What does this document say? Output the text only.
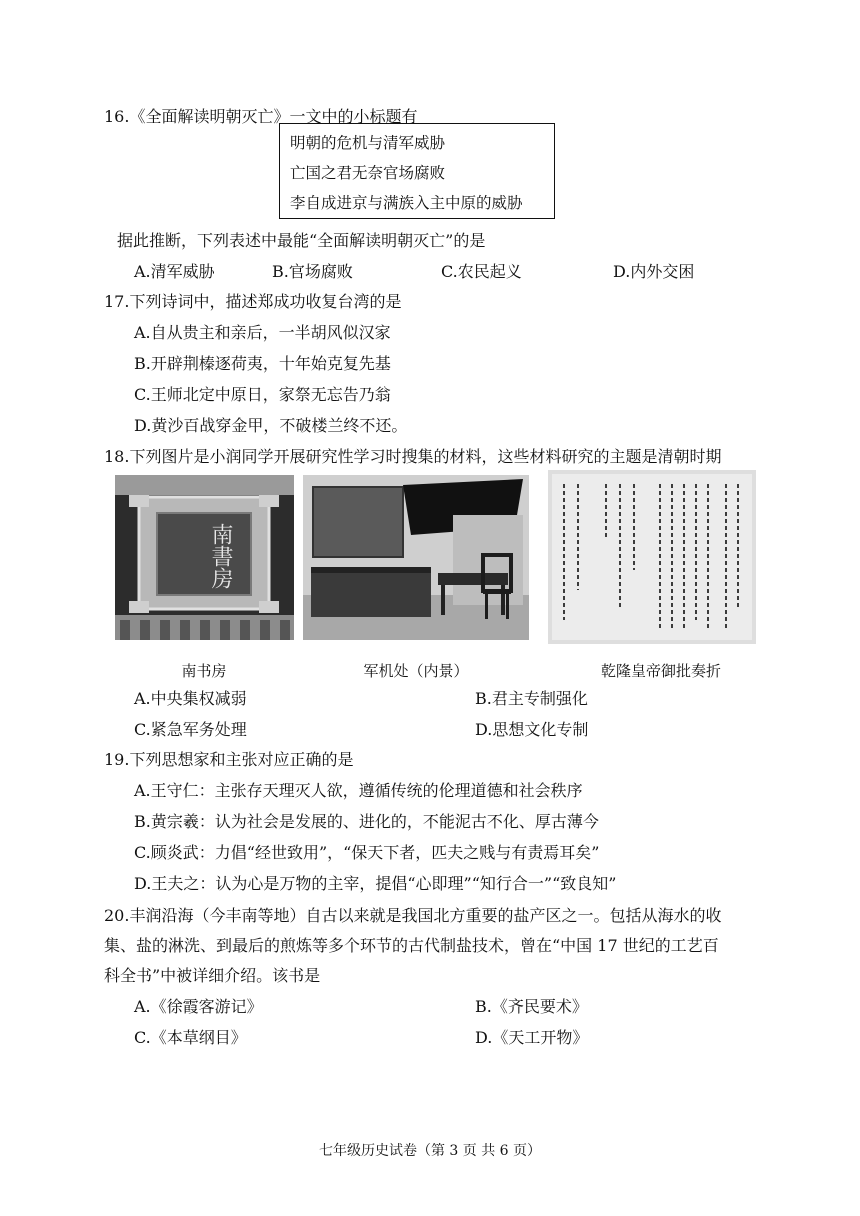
16.《全面解读明朝灭亡》一文中的小标题有
明朝的危机与清军威胁
亡国之君无奈官场腐败
李自成进京与满族入主中原的威胁
据此推断，下列表述中最能“全面解读明朝灭亡”的是
A.清军威胁	B.官场腐败	C.农民起义	D.内外交困
17.下列诗词中，描述郑成功收复台湾的是
A.自从贵主和亲后，一半胡风似汉家
B.开辟荆榛逐荷夷，十年始克复先基
C.王师北定中原日，家祭无忘告乃翁
D.黄沙百战穿金甲，不破楼兰终不还。
18.下列图片是小润同学开展研究性学习时搜集的材料，这些材料研究的主题是清朝时期
南書房
南书房	军机处（内景）	乾隆皇帝御批奏折
A.中央集权减弱	B.君主专制强化
C.紧急军务处理	D.思想文化专制
19.下列思想家和主张对应正确的是
A.王守仁：主张存天理灭人欲，遵循传统的伦理道德和社会秩序
B.黄宗羲：认为社会是发展的、进化的，不能泥古不化、厚古薄今
C.顾炎武：力倡“经世致用”，“保天下者，匹夫之贱与有责焉耳矣”
D.王夫之：认为心是万物的主宰，提倡“心即理”“知行合一”“致良知”
20.丰润沿海（今丰南等地）自古以来就是我国北方重要的盐产区之一。包括从海水的收
集、盐的淋洗、到最后的煎炼等多个环节的古代制盐技术，曾在“中国 17 世纪的工艺百
科全书”中被详细介绍。该书是
A.《徐霞客游记》	B.《齐民要术》
C.《本草纲目》	D.《天工开物》
七年级历史试卷（第 3 页 共 6 页）
